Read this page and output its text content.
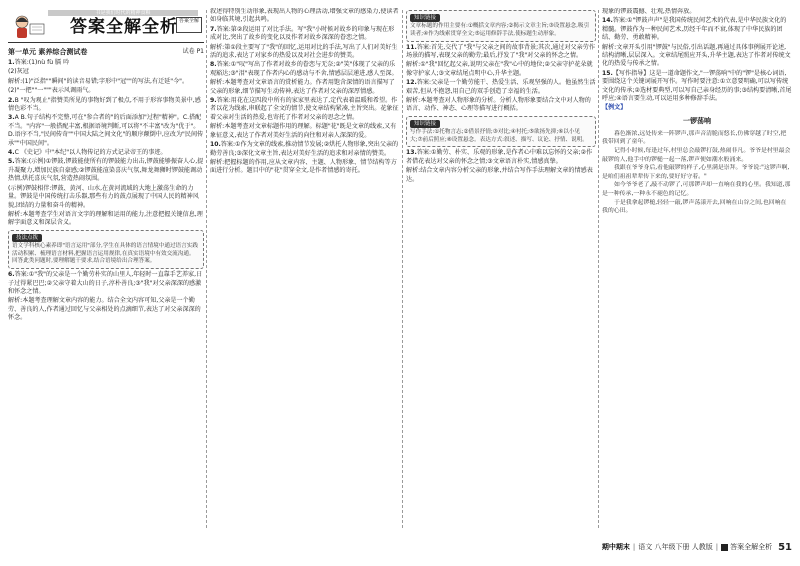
书是我们时代的精神食粮
答案全解全析 答案全解
第一单元 素养综合测试卷	试卷 P1
1.答案:(1)nù fù 膈 吟
(2)灰冠
解析:(1)"泛指""瞬间"的读音易错;字形中"冠""的写法,有迁延"今"。
(2)"一把""一"""表示风调雨气。
2.B "叹为观止"指赞美所见的事物好到了极点,不用于形容事物美景中,感情色彩不当。
3.A B.句子结构不完整,可在"参合者的"的后面添加"过程"精神"。C.搭配不当。"内容"一般搭配丰富,根据语境判断,可以将"不丰富"改为"优于"。D.语序不当,"民间传奇""中国大陆之间文化"的顺序颠倒中,应改为"民间传承""中国民间"。
4.C 《史记》中"本纪"以人物传记的方式记录帝王的事迹。
5.答案:(示例)①锣鼓,锣鼓能使所有的锣鼓能力出击,锣鼓能够振奋人心,提升凝聚力,增加民族自豪感;②锣鼓能渲染喜庆气氛,舞龙舞狮时锣鼓能调动热情,烘托喜庆气氛,营造热闹氛围。
(示例)锣鼓相伴:锣鼓、黄河、山水,在黄河流域的大地上激荡生命的力量。锣鼓是中国传统打击乐器,那些有力的鼓点展现了中国人民的精神风貌,团结的力量和奋斗的精神。
解析:本题考查学生对语言文字的理解和运用的能力,注意把握关键信息,理解字面意义和深层含义。
技法点拨
语文学科核心素养即"语言运用"部分,学生在具体的语言情境中通过语言实践活动积累、梳理语言材料,把握语言运用规律,在真实语境中有效交流沟通。回答此类问题时,要理解题干要求,结合语境给出合理答案。
6.答案:①"我"的父亲是一个勤劳朴实的山里人,年轻时一直靠手艺养家,日子过得紧巴巴;②父亲守着大山的日子,淳朴善良;③"我"对父亲深深的感激和怀念之情。
解析:本题考查理解文章内容的能力。结合全文内容可知,父亲是一个勤劳、善良的人,作者通过回忆与父亲相处的点滴细节,表达了对父亲深深的怀念。
叙述得特别生动形象,表现出人物的心理活动,增强文章的感染力,使读者如身临其境,引起共鸣。
7.答案:第②段运用了对比手法。写"我"小时候对故乡的印象与现在形成对比,突出了故乡的变化以及作者对故乡深深的眷恋之情。
解析:第①段主要写了"我"的回忆,运用对比的手法,写出了人们对美好生活的追求,表达了对家乡的热爱以及对社会进步的赞美。
8.答案:①"叹"写出了作者对故乡的眷恋与无奈;②"笑"体现了父亲的乐观豁达;③"泪"表现了作者内心的感动与不舍,情感层层递进,感人至深。
解析:本题考查对文章语言的赏析能力。作者用饱含深情的语言描写了父亲的形象,细节描写生动传神,表达了作者对父亲的深厚情感。
9.答案:用花在这四段中所有的家家里表达了,定代表着温暖和希望。作者以花为线索,串联起了全文的情节,使文章结构紧凑,主旨突出。花象征着父亲对生活的热爱,也寄托了作者对父亲的思念之情。
解析:本题考查对文章标题作用的理解。标题"花"既是文章的线索,又有象征意义,表达了作者对美好生活的向往和对亲人深深的爱。
10.答案:①作为文章的线索,推动情节发展;②烘托人物形象,突出父亲的勤劳善良;③深化文章主旨,表达对美好生活的追求和对亲情的赞美。
解析:把握标题的作用,应从文章内容、主题、人物形象、情节结构等方面进行分析。题目中的"花"贯穿全文,是作者情感的寄托。
知识链接
文章标题的作用主要有:①概括文章内容;②揭示文章主旨;③设置悬念,吸引读者;④作为线索贯穿全文;⑤运用修辞手法,使标题生动形象。
11.答案:首先,交代了"我"与父亲之间的故事背景;其次,通过对父亲劳作场景的描写,表现父亲的勤劳;最后,抒发了"我"对父亲的怀念之情。
解析:①"我"回忆起父亲,说明父亲在"我"心中的地位;②父亲守护花朵就像守护家人;③文章结尾点明中心,升华主题。
12.答案:父亲是一个勤劳能干、热爱生活、乐观坚强的人。他虽然生活艰苦,但从不抱怨,用自己的双手创造了幸福的生活。
解析:本题考查对人物形象的分析。分析人物形象要结合文中对人物的语言、动作、神态、心理等描写进行概括。
知识链接
写作手法:①托物言志;②借景抒情;③对比;④衬托;⑤欲扬先抑;⑥以小见大;⑦前后照应;⑧设置悬念。表达方式:叙述、描写、议论、抒情、说明。
13.答案:①勤劳、朴实、乐观的形象,是作者心中难以忘怀的父亲;②作者借花表达对父亲的怀念之情;③文章语言朴实,情感真挚。
解析:结合文章内容分析父亲的形象,并结合写作手法理解文章的情感表达。
现象的锣鼓震撼、壮观,热情奔放。
14.答案:①"锣鼓声声"是我国传统民间艺术的代表,是中华民族文化的精髓。锣鼓作为一种民间艺术,历经千年而不衰,体现了中华民族的团结、勤劳、勇敢精神。
解析:文章开头引用"锣鼓"与民俗,引出话题,再通过具体事例展开论述,结构清晰,层层深入。文章结尾照应开头,升华主题,表达了作者对传统文化的热爱与传承之情。
15.【写作指导】这是一道命题作文,"一锣荡响"中的"锣"是核心词语,要围绕这个关键词展开写作。写作时要注意:①立意要明确,可以写传统文化的传承;②选材要典型,可以写自己亲身经历的事;③结构要清晰,首尾呼应;④语言要生动,可以运用多种修辞手法。
【例文】
一锣荡响

暮色渐浓,远处传来一阵锣声,那声音清脆而悠长,仿佛穿越了时空,把我带回到了童年。

记得小时候,每逢过年,村里总会敲锣打鼓,热闹非凡。爷爷是村里最会敲锣的人,他手中的锣槌一起一落,锣声便如潮水般涌来。

我跟在爷爷身后,看他敲锣的样子,心里满是崇拜。爷爷说:"这锣声啊,是咱们祖祖辈辈传下来的,要好好守着。"

如今爷爷老了,敲不动锣了,可那锣声却一直响在我的心里。我知道,那是一种传承,一种永不褪色的记忆。

于是我拿起锣槌,轻轻一敲,锣声荡漾开去,回响在山谷之间,也回响在我的心田。

期中期末 | 语文
八年级下册
人教版 | 答案全解全析 51
